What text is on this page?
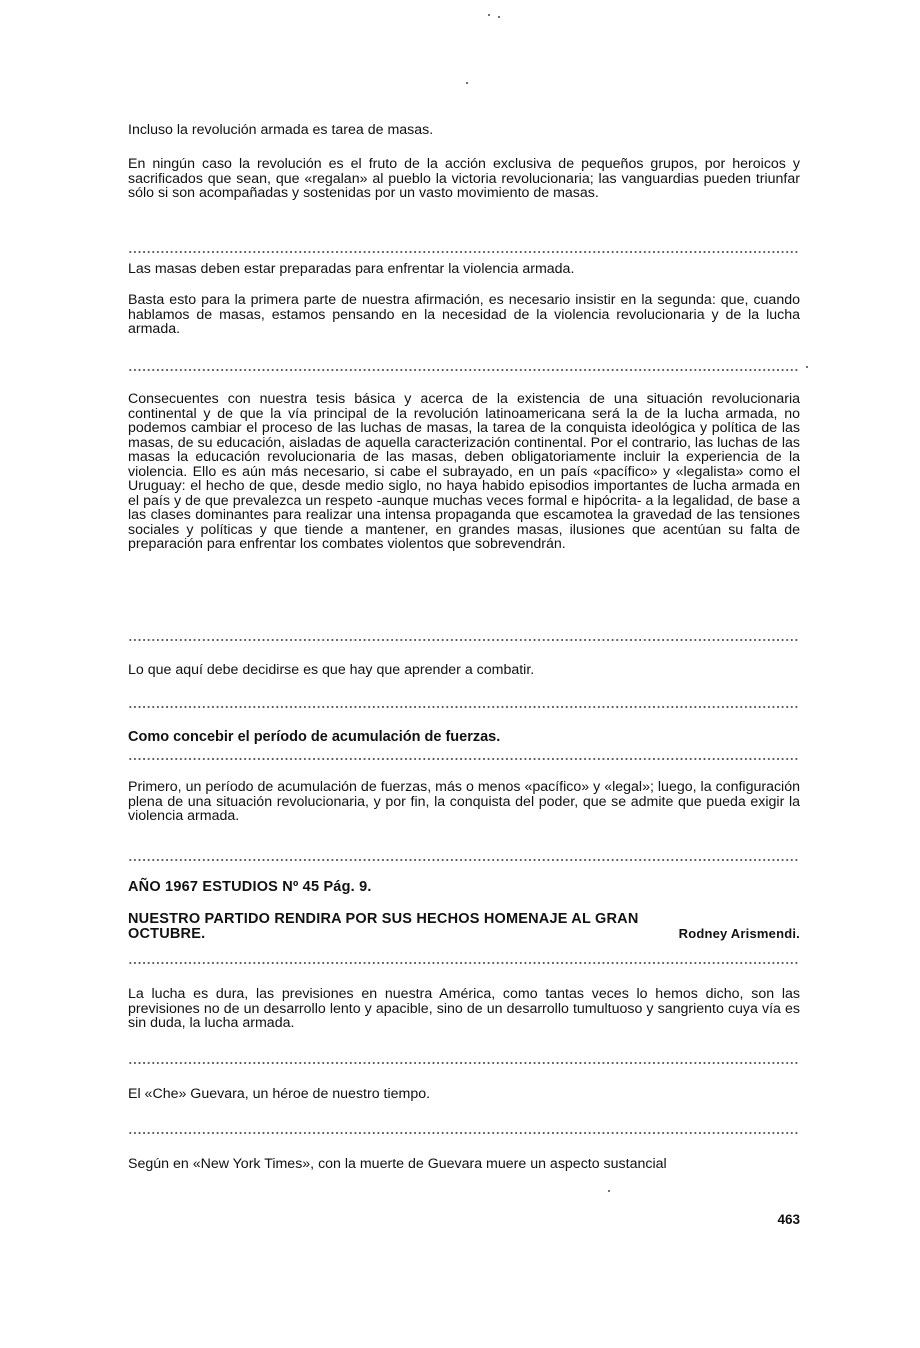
Incluso la revolución armada es tarea de masas.
En ningún caso la revolución es el fruto de la acción exclusiva de pequeños grupos, por heroicos y sacrificados que sean, que «regalan» al pueblo la victoria revolucionaria; las vanguardias pueden triunfar sólo si son acompañadas y sostenidas por un vasto movimiento de masas.
Las masas deben estar preparadas para enfrentar la violencia armada.
Basta esto para la primera parte de nuestra afirmación, es necesario insistir en la segunda: que, cuando hablamos de masas, estamos pensando en la necesidad de la violencia revolucionaria y de la lucha armada.
Consecuentes con nuestra tesis básica y acerca de la existencia de una situación revolucionaria continental y de que la vía principal de la revolución latinoamericana será la de la lucha armada, no podemos cambiar el proceso de las luchas de masas, la tarea de la conquista ideológica y política de las masas, de su educación, aisladas de aquella caracterización continental. Por el contrario, las luchas de las masas la educación revolucionaria de las masas, deben obligatoriamente incluir la experiencia de la violencia. Ello es aún más necesario, si cabe el subrayado, en un país «pacífico» y «legalista» como el Uruguay: el hecho de que, desde medio siglo, no haya habido episodios importantes de lucha armada en el país y de que prevalezca un respeto -aunque muchas veces formal e hipócrita- a la legalidad, de base a las clases dominantes para realizar una intensa propaganda que escamotea la gravedad de las tensiones sociales y políticas y que tiende a mantener, en grandes masas, ilusiones que acentúan su falta de preparación para enfrentar los combates violentos que sobrevendrán.
Lo que aquí debe decidirse es que hay que aprender a combatir.
Como concebir el período de acumulación de fuerzas.
Primero, un período de acumulación de fuerzas, más o menos «pacífico» y «legal»; luego, la configuración plena de una situación revolucionaria, y por fin, la conquista del poder, que se admite que pueda exigir la violencia armada.
AÑO 1967 ESTUDIOS Nº 45 Pág. 9.
NUESTRO PARTIDO RENDIRA POR SUS HECHOS HOMENAJE AL GRAN OCTUBRE.	Rodney Arismendi.
La lucha es dura, las previsiones en nuestra América, como tantas veces lo hemos dicho, son las previsiones no de un desarrollo lento y apacible, sino de un desarrollo tumultuoso y sangriento cuya vía es sin duda, la lucha armada.
El «Che» Guevara, un héroe de nuestro tiempo.
Según en «New York Times», con la muerte de Guevara muere un aspecto sustancial
463
